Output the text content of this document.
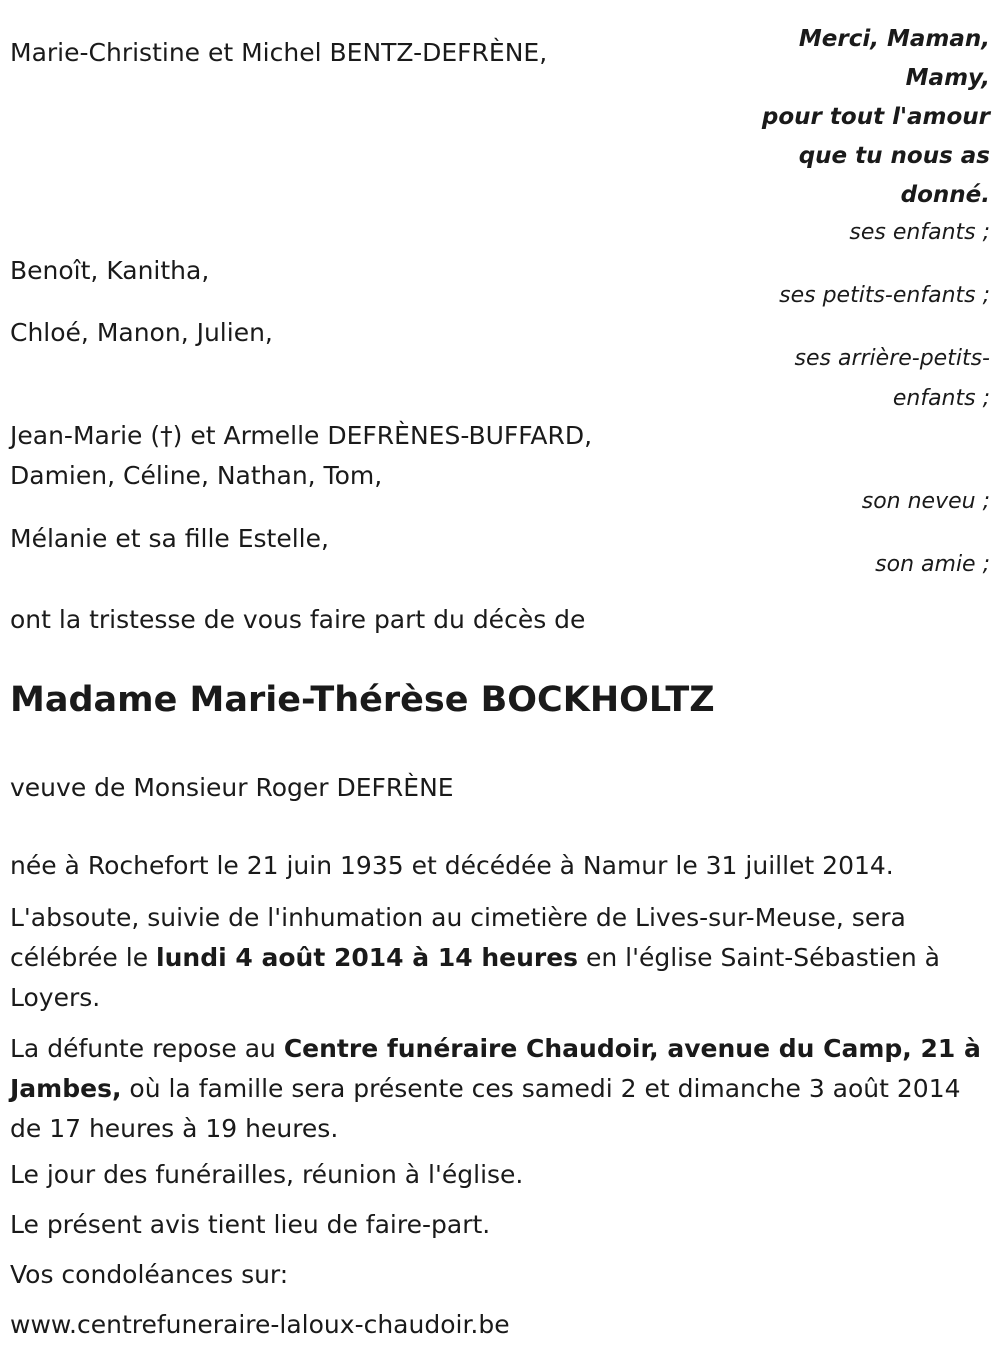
Merci, Maman,
Mamy,
pour tout l'amour
que tu nous as
donné.
Marie-Christine et Michel BENTZ-DEFRÈNE,
ses enfants ;
Benoît, Kanitha,
ses petits-enfants ;
Chloé, Manon, Julien,
ses arrière-petits-
enfants ;
Jean-Marie (†) et Armelle DEFRÈNES-BUFFARD,
Damien, Céline, Nathan, Tom,
son neveu ;
Mélanie et sa fille Estelle,
son amie ;
ont la tristesse de vous faire part du décès de
Madame Marie-Thérèse BOCKHOLTZ
veuve de Monsieur Roger DEFRÈNE
née à Rochefort le 21 juin 1935 et décédée à Namur le 31 juillet 2014.
L'absoute, suivie de l'inhumation au cimetière de Lives-sur-Meuse, sera célébrée le lundi 4 août 2014 à 14 heures en l'église Saint-Sébastien à Loyers.
La défunte repose au Centre funéraire Chaudoir, avenue du Camp, 21 à Jambes, où la famille sera présente ces samedi 2 et dimanche 3 août 2014 de 17 heures à 19 heures.
Le jour des funérailles, réunion à l'église.
Le présent avis tient lieu de faire-part.
Vos condoléances sur:
www.centrefuneraire-laloux-chaudoir.be
